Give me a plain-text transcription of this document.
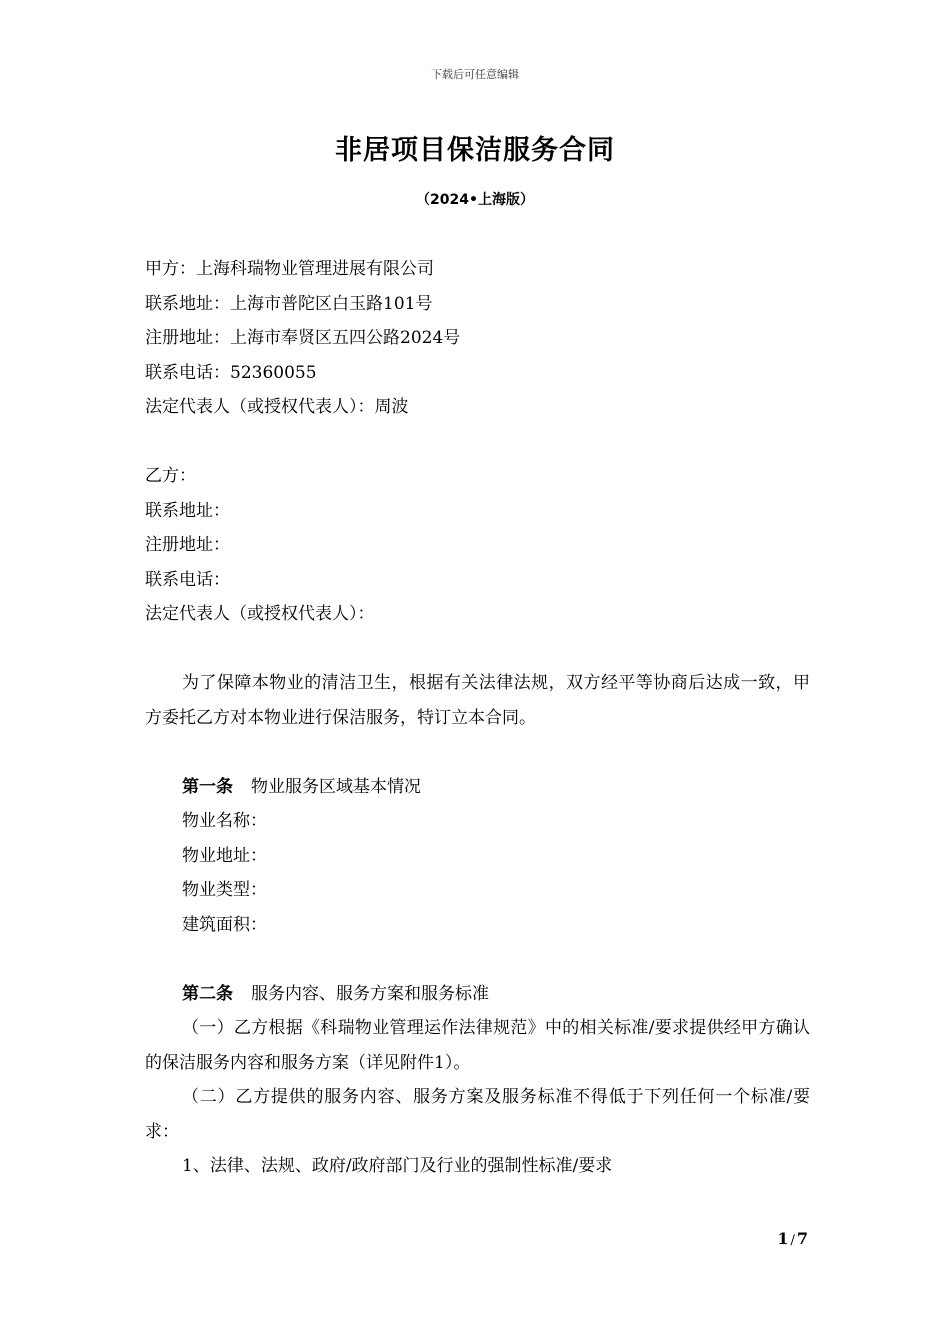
下载后可任意编辑
非居项目保洁服务合同
（2024•上海版）
甲方：上海科瑞物业管理进展有限公司
联系地址：上海市普陀区白玉路101号
注册地址：上海市奉贤区五四公路2024号
联系电话：52360055
法定代表人（或授权代表人）：周波
乙方：
联系地址：
注册地址：
联系电话：
法定代表人（或授权代表人）：
为了保障本物业的清洁卫生，根据有关法律法规，双方经平等协商后达成一致，甲方委托乙方对本物业进行保洁服务，特订立本合同。
第一条 物业服务区域基本情况
物业名称：
物业地址：
物业类型：
建筑面积：
第二条 服务内容、服务方案和服务标准
（一）乙方根据《科瑞物业管理运作法律规范》中的相关标准/要求提供经甲方确认的保洁服务内容和服务方案（详见附件1）。
（二）乙方提供的服务内容、服务方案及服务标准不得低于下列任何一个标准/要求：
1、法律、法规、政府/政府部门及行业的强制性标准/要求
1 / 7
